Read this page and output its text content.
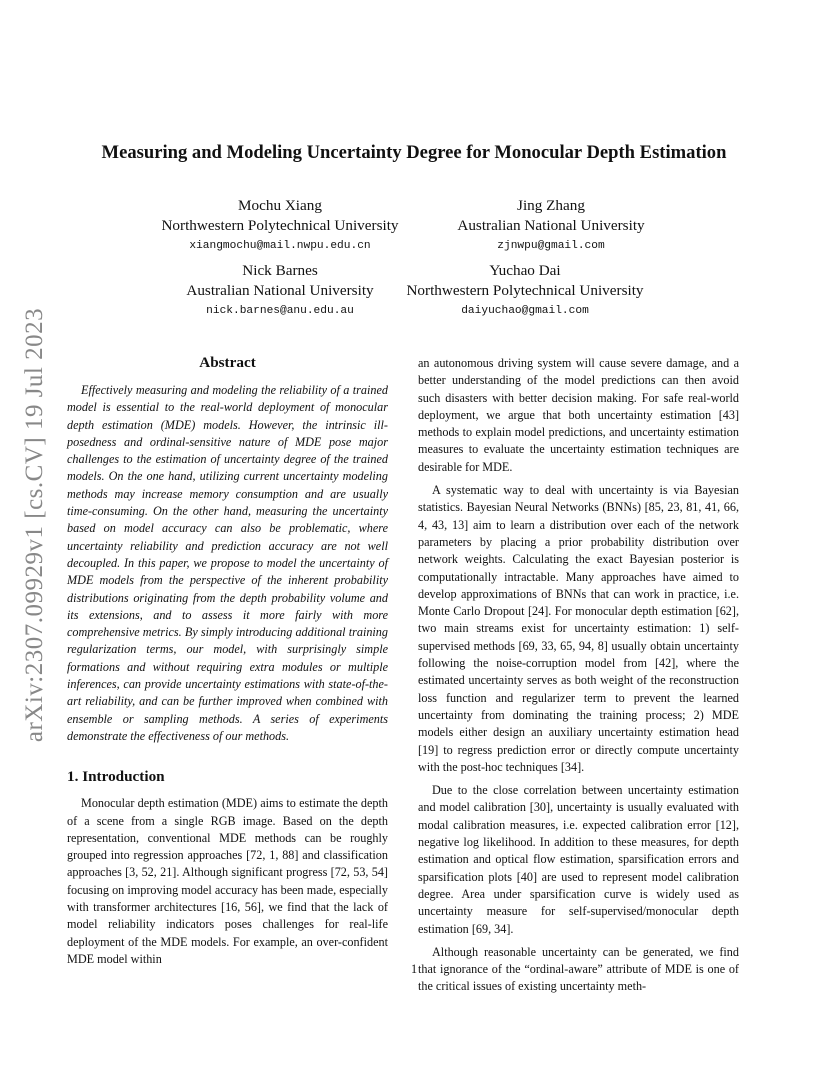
arXiv:2307.09929v1 [cs.CV] 19 Jul 2023
Measuring and Modeling Uncertainty Degree for Monocular Depth Estimation
Mochu Xiang
Northwestern Polytechnical University
xiangmochu@mail.nwpu.edu.cn
Jing Zhang
Australian National University
zjnwpu@gmail.com
Nick Barnes
Australian National University
nick.barnes@anu.edu.au
Yuchao Dai
Northwestern Polytechnical University
daiyuchao@gmail.com
Abstract

Effectively measuring and modeling the reliability of a trained model is essential to the real-world deployment of monocular depth estimation (MDE) models. However, the intrinsic ill-posedness and ordinal-sensitive nature of MDE pose major challenges to the estimation of uncertainty degree of the trained models. On the one hand, utilizing current uncertainty modeling methods may increase memory consumption and are usually time-consuming. On the other hand, measuring the uncertainty based on model accuracy can also be problematic, where uncertainty reliability and prediction accuracy are not well decoupled. In this paper, we propose to model the uncertainty of MDE models from the perspective of the inherent probability distributions originating from the depth probability volume and its extensions, and to assess it more fairly with more comprehensive metrics. By simply introducing additional training regularization terms, our model, with surprisingly simple formations and without requiring extra modules or multiple inferences, can provide uncertainty estimations with state-of-the-art reliability, and can be further improved when combined with ensemble or sampling methods. A series of experiments demonstrate the effectiveness of our methods.

1. Introduction

Monocular depth estimation (MDE) aims to estimate the depth of a scene from a single RGB image. Based on the depth representation, conventional MDE methods can be roughly grouped into regression approaches [72, 1, 88] and classification approaches [3, 52, 21]. Although significant progress [72, 53, 54] focusing on improving model accuracy has been made, especially with transformer architectures [16, 56], we find that the lack of model reliability indicators poses challenges for real-life deployment of the MDE models. For example, an over-confident MDE model within

an autonomous driving system will cause severe damage, and a better understanding of the model predictions can then avoid such disasters with better decision making. For safe real-world deployment, we argue that both uncertainty estimation [43] methods to explain model predictions, and uncertainty estimation measures to evaluate the uncertainty estimation techniques are desirable for MDE.

A systematic way to deal with uncertainty is via Bayesian statistics. Bayesian Neural Networks (BNNs) [85, 23, 81, 41, 66, 4, 43, 13] aim to learn a distribution over each of the network parameters by placing a prior probability distribution over network weights. Calculating the exact Bayesian posterior is computationally intractable. Many approaches have aimed to develop approximations of BNNs that can work in practice, i.e. Monte Carlo Dropout [24]. For monocular depth estimation [62], two main streams exist for uncertainty estimation: 1) self-supervised methods [69, 33, 65, 94, 8] usually obtain uncertainty following the noise-corruption model from [42], where the estimated uncertainty serves as both weight of the reconstruction loss function and regularizer term to prevent the learned uncertainty from dominating the training process; 2) MDE models either design an auxiliary uncertainty estimation head [19] to regress prediction error or directly compute uncertainty with the post-hoc techniques [34].

Due to the close correlation between uncertainty estimation and model calibration [30], uncertainty is usually evaluated with modal calibration measures, i.e. expected calibration error [12], negative log likelihood. In addition to these measures, for depth estimation and optical flow estimation, sparsification errors and sparsification plots [40] are used to represent model calibration degree. Area under sparsification curve is widely used as uncertainty measure for self-supervised/monocular depth estimation [69, 34].

Although reasonable uncertainty can be generated, we find that ignorance of the “ordinal-aware” attribute of MDE is one of the critical issues of existing uncertainty meth-

1
